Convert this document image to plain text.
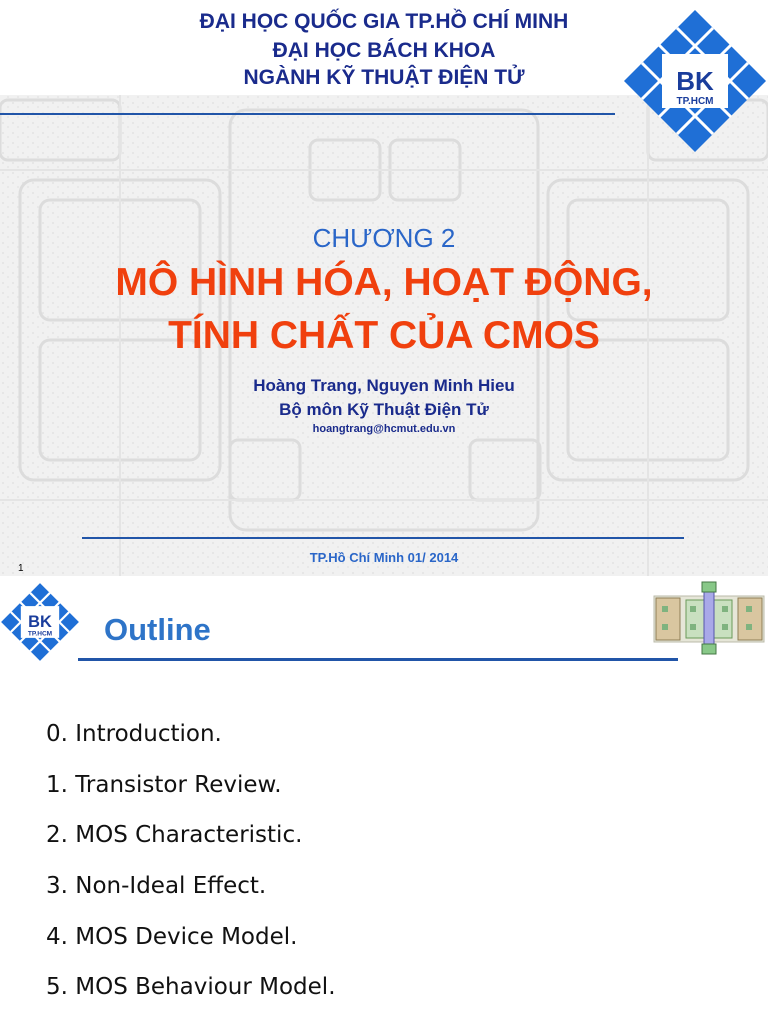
ĐẠI HỌC QUỐC GIA TP.HỒ CHÍ MINH
ĐẠI HỌC BÁCH KHOA
NGÀNH KỸ THUẬT ĐIỆN TỬ	BK
TP.HCM
CHƯƠNG 2
MÔ HÌNH HÓA, HOẠT ĐỘNG,
TÍNH CHẤT CỦA CMOS
Hoàng Trang, Nguyen Minh Hieu
Bộ môn Kỹ Thuật Điện Tử
hoangtrang@hcmut.edu.vn
TP.Hồ Chí Minh 01/ 2014
1
BK
TP.HCM Outline
0. Introduction.
1. Transistor Review.
2. MOS Characteristic.
3. Non-Ideal Effect.
4. MOS Device Model.
5. MOS Behaviour Model.
